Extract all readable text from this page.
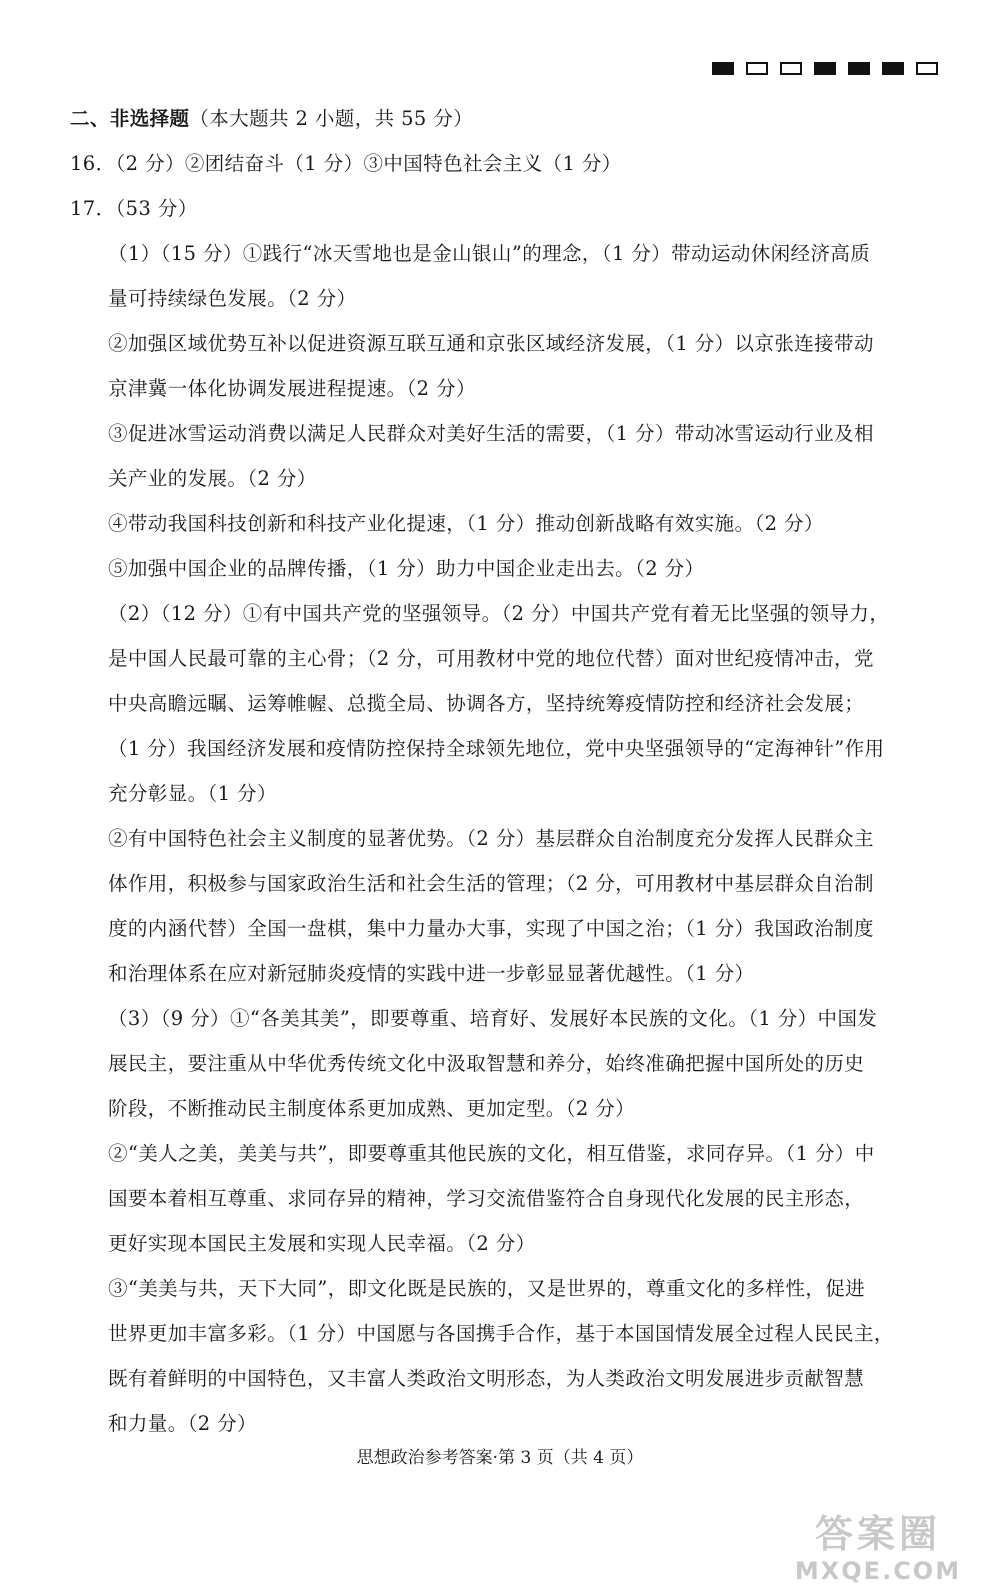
二、非选择题（本大题共 2 小题，共 55 分）
16．（2 分）②团结奋斗（1 分）③中国特色社会主义（1 分）
17．（53 分）
（1）（15 分）①践行“冰天雪地也是金山银山”的理念，（1 分）带动运动休闲经济高质
量可持续绿色发展。（2 分）
②加强区域优势互补以促进资源互联互通和京张区域经济发展，（1 分）以京张连接带动
京津冀一体化协调发展进程提速。（2 分）
③促进冰雪运动消费以满足人民群众对美好生活的需要，（1 分）带动冰雪运动行业及相
关产业的发展。（2 分）
④带动我国科技创新和科技产业化提速，（1 分）推动创新战略有效实施。（2 分）
⑤加强中国企业的品牌传播，（1 分）助力中国企业走出去。（2 分）
（2）（12 分）①有中国共产党的坚强领导。（2 分）中国共产党有着无比坚强的领导力，
是中国人民最可靠的主心骨；（2 分，可用教材中党的地位代替）面对世纪疫情冲击，党
中央高瞻远瞩、运筹帷幄、总揽全局、协调各方，坚持统筹疫情防控和经济社会发展；
（1 分）我国经济发展和疫情防控保持全球领先地位，党中央坚强领导的“定海神针”作用
充分彰显。（1 分）
②有中国特色社会主义制度的显著优势。（2 分）基层群众自治制度充分发挥人民群众主
体作用，积极参与国家政治生活和社会生活的管理；（2 分，可用教材中基层群众自治制
度的内涵代替）全国一盘棋，集中力量办大事，实现了中国之治；（1 分）我国政治制度
和治理体系在应对新冠肺炎疫情的实践中进一步彰显显著优越性。（1 分）
（3）（9 分）①“各美其美”，即要尊重、培育好、发展好本民族的文化。（1 分）中国发
展民主，要注重从中华优秀传统文化中汲取智慧和养分，始终准确把握中国所处的历史
阶段，不断推动民主制度体系更加成熟、更加定型。（2 分）
②“美人之美，美美与共”，即要尊重其他民族的文化，相互借鉴，求同存异。（1 分）中
国要本着相互尊重、求同存异的精神，学习交流借鉴符合自身现代化发展的民主形态，
更好实现本国民主发展和实现人民幸福。（2 分）
③“美美与共，天下大同”，即文化既是民族的，又是世界的，尊重文化的多样性，促进
世界更加丰富多彩。（1 分）中国愿与各国携手合作，基于本国国情发展全过程人民民主，
既有着鲜明的中国特色，又丰富人类政治文明形态，为人类政治文明发展进步贡献智慧
和力量。（2 分）
思想政治参考答案·第 3 页（共 4 页）
答案圈
MXQE.COM
